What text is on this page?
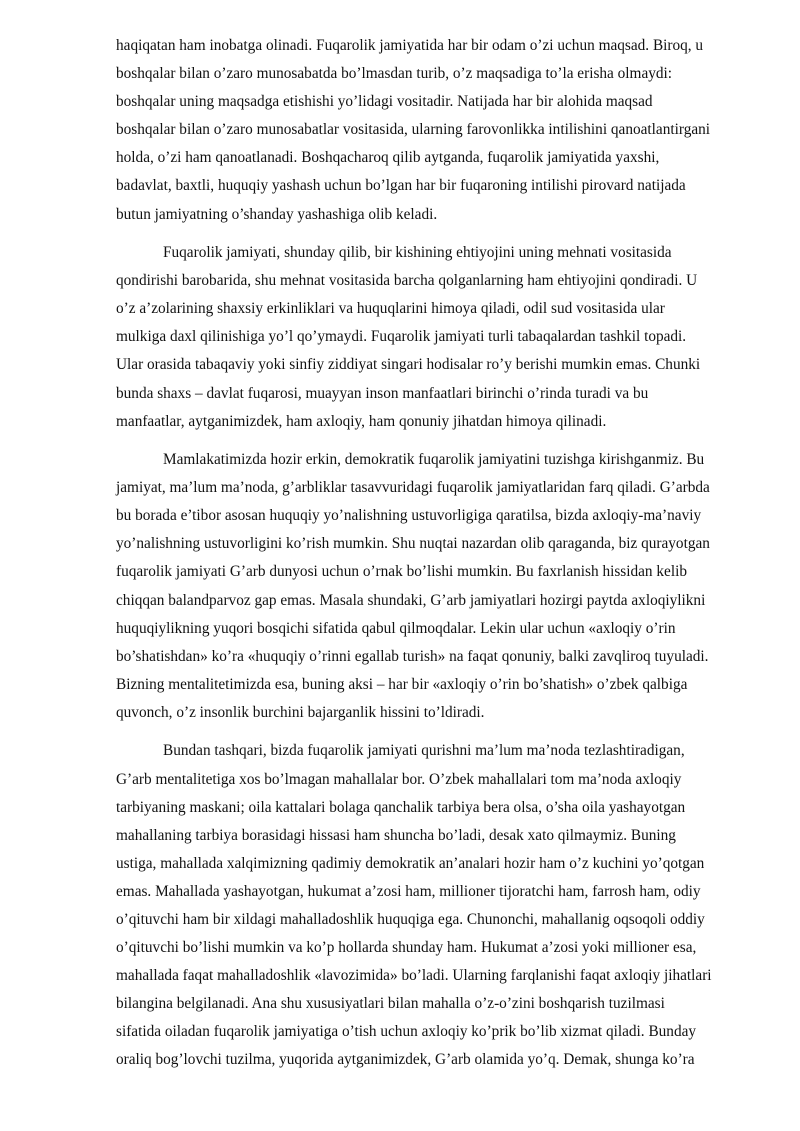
haqiqatan ham inobatga olinadi. Fuqarolik jamiyatida har bir odam o’zi uchun maqsad. Biroq, u
boshqalar bilan o’zaro munosabatda bo’lmasdan turib, o’z maqsadiga to’la erisha olmaydi:
boshqalar uning maqsadga etishishi yo’lidagi vositadir. Natijada har bir alohida maqsad
boshqalar bilan o’zaro munosabatlar vositasida, ularning farovonlikka intilishini qanoatlantirgani
holda, o’zi ham qanoatlanadi. Boshqacharoq qilib aytganda, fuqarolik jamiyatida yaxshi,
badavlat, baxtli, huquqiy yashash uchun bo’lgan har bir fuqaroning intilishi pirovard natijada
butun jamiyatning o’shanday yashashiga olib keladi.
Fuqarolik jamiyati, shunday qilib, bir kishining ehtiyojini uning mehnati vositasida
qondirishi barobarida, shu mehnat vositasida barcha qolganlarning ham ehtiyojini qondiradi. U
o’z a’zolarining shaxsiy erkinliklari va huquqlarini himoya qiladi, odil sud vositasida ular
mulkiga daxl qilinishiga yo’l qo’ymaydi. Fuqarolik jamiyati turli tabaqalardan tashkil topadi.
Ular orasida tabaqaviy yoki sinfiy ziddiyat singari hodisalar ro’y berishi mumkin emas. Chunki
bunda shaxs – davlat fuqarosi, muayyan inson manfaatlari birinchi o’rinda turadi va bu
manfaatlar, aytganimizdek, ham axloqiy, ham qonuniy jihatdan himoya qilinadi.
Mamlakatimizda hozir erkin, demokratik fuqarolik jamiyatini tuzishga kirishganmiz. Bu
jamiyat, ma’lum ma’noda, g’arbliklar tasavvuridagi fuqarolik jamiyatlaridan farq qiladi. G’arbda
bu borada e’tibor asosan huquqiy yo’nalishning ustuvorligiga qaratilsa, bizda axloqiy-ma’naviy
yo’nalishning ustuvorligini ko’rish mumkin. Shu nuqtai nazardan olib qaraganda, biz qurayotgan
fuqarolik jamiyati G’arb dunyosi uchun o’rnak bo’lishi mumkin. Bu faxrlanish hissidan kelib
chiqqan balandparvoz gap emas. Masala shundaki, G’arb jamiyatlari hozirgi paytda axloqiylikni
huquqiylikning yuqori bosqichi sifatida qabul qilmoqdalar. Lekin ular uchun «axloqiy o’rin
bo’shatishdan» ko’ra «huquqiy o’rinni egallab turish» na faqat qonuniy, balki zavqliroq tuyuladi.
Bizning mentalitetimizda esa, buning aksi – har bir «axloqiy o’rin bo’shatish» o’zbek qalbiga
quvonch, o’z insonlik burchini bajarganlik hissini to’ldiradi.
Bundan tashqari, bizda fuqarolik jamiyati qurishni ma’lum ma’noda tezlashtiradigan,
G’arb mentalitetiga xos bo’lmagan mahallalar bor. O’zbek mahallalari tom ma’noda axloqiy
tarbiyaning maskani; oila kattalari bolaga qanchalik tarbiya bera olsa, o’sha oila yashayotgan
mahallaning tarbiya borasidagi hissasi ham shuncha bo’ladi, desak xato qilmaymiz. Buning
ustiga, mahallada xalqimizning qadimiy demokratik an’analari hozir ham o’z kuchini yo’qotgan
emas. Mahallada yashayotgan, hukumat a’zosi ham, millioner tijoratchi ham, farrosh ham, odiy
o’qituvchi ham bir xildagi mahalladoshlik huquqiga ega. Chunonchi, mahallanig oqsoqoli oddiy
o’qituvchi bo’lishi mumkin va ko’p hollarda shunday ham. Hukumat a’zosi yoki millioner esa,
mahallada faqat mahalladoshlik «lavozimida» bo’ladi. Ularning farqlanishi faqat axloqiy jihatlari
bilangina belgilanadi. Ana shu xususiyatlari bilan mahalla o’z-o’zini boshqarish tuzilmasi
sifatida oiladan fuqarolik jamiyatiga o’tish uchun axloqiy ko’prik bo’lib xizmat qiladi. Bunday
oraliq bog’lovchi tuzilma, yuqorida aytganimizdek, G’arb olamida yo’q. Demak, shunga ko’ra
